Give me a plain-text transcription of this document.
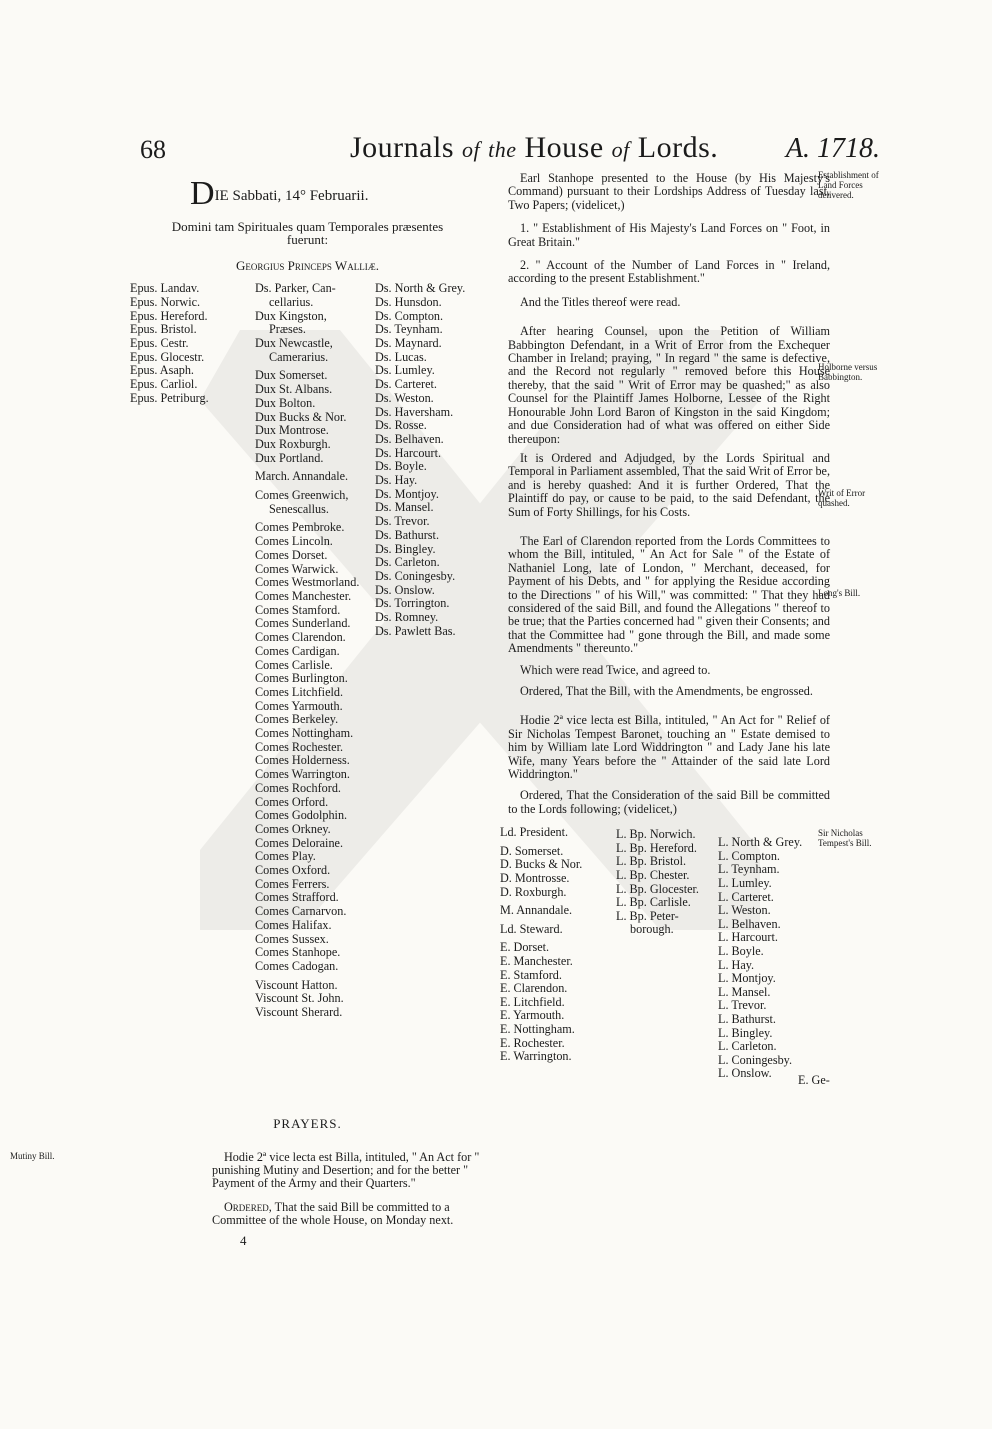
68	Journals of the House of Lords. A. 1718.
DIE Sabbati, 14° Februarii.
Domini tam Spirituales quam Temporales præsentes
fuerunt:
Georgius Princeps Walliæ.
Epus. Landav.
Epus. Norwic.
Epus. Hereford.
Epus. Bristol.
Epus. Cestr.
Epus. Glocestr.
Epus. Asaph.
Epus. Carliol.
Epus. Petriburg.
Ds. Parker, Can-
cellarius.
Dux Kingston,
Præses.
Dux Newcastle,
Camerarius.
Dux Somerset.
Dux St. Albans.
Dux Bolton.
Dux Bucks & Nor.
Dux Montrose.
Dux Roxburgh.
Dux Portland.
March. Annandale.
Comes Greenwich,
Senescallus.
Comes Pembroke.
Comes Lincoln.
Comes Dorset.
Comes Warwick.
Comes Westmorland.
Comes Manchester.
Comes Stamford.
Comes Sunderland.
Comes Clarendon.
Comes Cardigan.
Comes Carlisle.
Comes Burlington.
Comes Litchfield.
Comes Yarmouth.
Comes Berkeley.
Comes Nottingham.
Comes Rochester.
Comes Holderness.
Comes Warrington.
Comes Rochford.
Comes Orford.
Comes Godolphin.
Comes Orkney.
Comes Deloraine.
Comes Play.
Comes Oxford.
Comes Ferrers.
Comes Strafford.
Comes Carnarvon.
Comes Halifax.
Comes Sussex.
Comes Stanhope.
Comes Cadogan.
Viscount Hatton.
Viscount St. John.
Viscount Sherard.
Ds. North & Grey.
Ds. Hunsdon.
Ds. Compton.
Ds. Teynham.
Ds. Maynard.
Ds. Lucas.
Ds. Lumley.
Ds. Carteret.
Ds. Weston.
Ds. Haversham.
Ds. Rosse.
Ds. Belhaven.
Ds. Harcourt.
Ds. Boyle.
Ds. Hay.
Ds. Montjoy.
Ds. Mansel.
Ds. Trevor.
Ds. Bathurst.
Ds. Bingley.
Ds. Carleton.
Ds. Coningesby.
Ds. Onslow.
Ds. Torrington.
Ds. Romney.
Ds. Pawlett Bas.
PRAYERS.
Mutiny Bill.	Hodie 2ª vice lecta est Billa, intituled, " An Act for " punishing Mutiny and Desertion; and for the better " Payment of the Army and their Quarters."

Ordered, That the said Bill be committed to a Committee of the whole House, on Monday next.

4

Earl Stanhope presented to the House (by His Majesty's Command) pursuant to their Lordships Address of Tuesday last, Two Papers; (videlicet,)

1. " Establishment of His Majesty's Land Forces on " Foot, in Great Britain."

2. " Account of the Number of Land Forces in " Ireland, according to the present Establishment."

And the Titles thereof were read.

After hearing Counsel, upon the Petition of William Babbington Defendant, in a Writ of Error from the Exchequer Chamber in Ireland; praying, " In regard " the same is defective, and the Record not regularly " removed before this House thereby, that the said " Writ of Error may be quashed;" as also Counsel for the Plaintiff James Holborne, Lessee of the Right Honourable John Lord Baron of Kingston in the said Kingdom; and due Consideration had of what was offered on either Side thereupon:

It is Ordered and Adjudged, by the Lords Spiritual and Temporal in Parliament assembled, That the said Writ of Error be, and is hereby quashed: And it is further Ordered, That the Plaintiff do pay, or cause to be paid, to the said Defendant, the Sum of Forty Shillings, for his Costs.

The Earl of Clarendon reported from the Lords Committees to whom the Bill, intituled, " An Act for Sale " of the Estate of Nathaniel Long, late of London, " Merchant, deceased, for Payment of his Debts, and " for applying the Residue according to the Directions " of his Will," was committed: " That they had considered of the said Bill, and found the Allegations " thereof to be true; that the Parties concerned had " given their Consents; and that the Committee had " gone through the Bill, and made some Amendments " thereunto."

Which were read Twice, and agreed to.

Ordered, That the Bill, with the Amendments, be engrossed.

Hodie 2ª vice lecta est Billa, intituled, " An Act for " Relief of Sir Nicholas Tempest Baronet, touching an " Estate demised to him by William late Lord Widdrington " and Lady Jane his late Wife, many Years before the " Attainder of the said late Lord Widdrington."

Ordered, That the Consideration of the said Bill be committed to the Lords following; (videlicet,)

Ld. President.
D. Somerset.
D. Bucks & Nor.
D. Montrosse.
D. Roxburgh.
M. Annandale.
Ld. Steward.
E. Dorset.
E. Manchester.
E. Stamford.
E. Clarendon.
E. Litchfield.
E. Yarmouth.
E. Nottingham.
E. Rochester.
E. Warrington.
L. Bp. Norwich.
L. Bp. Hereford.
L. Bp. Bristol.
L. Bp. Chester.
L. Bp. Glocester.
L. Bp. Carlisle.
L. Bp. Peter-
borough.
L. North & Grey.
L. Compton.
L. Teynham.
L. Lumley.
L. Carteret.
L. Weston.
L. Belhaven.
L. Harcourt.
L. Boyle.
L. Hay.
L. Montjoy.
L. Mansel.
L. Trevor.
L. Bathurst.
L. Bingley.
L. Carleton.
L. Coningesby.
L. Onslow.	E. Ge-
Establishment of Land Forces delivered.
Holborne versus Babbington.
Writ of Error quashed.
Long's Bill.
Sir Nicholas Tempest's Bill.
